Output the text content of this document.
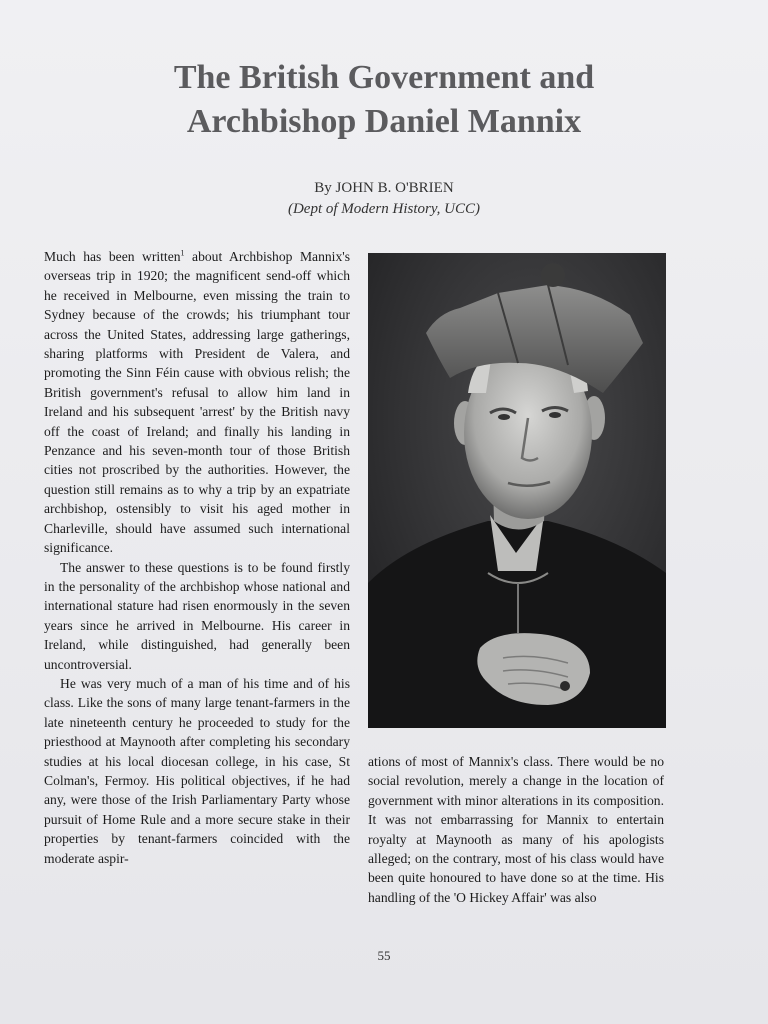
The British Government and
Archbishop Daniel Mannix
By JOHN B. O'BRIEN
(Dept of Modern History, UCC)

Much has been written$^1$ about Archbishop Mannix's overseas trip in 1920; the magnificent send-off which he received in Melbourne, even missing the train to Sydney because of the crowds; his triumphant tour across the United States, addressing large gatherings, sharing platforms with President de Valera, and promoting the Sinn Féin cause with obvious relish; the British government's refusal to allow him land in Ireland and his subsequent 'arrest' by the British navy off the coast of Ireland; and finally his landing in Penzance and his seven-month tour of those British cities not proscribed by the authorities. However, the question still remains as to why a trip by an expatriate archbishop, ostensibly to visit his aged mother in Charleville, should have assumed such international significance.

The answer to these questions is to be found firstly in the personality of the archbishop whose national and international stature had risen enormously in the seven years since he arrived in Melbourne. His career in Ireland, while distinguished, had generally been uncontroversial.

He was very much of a man of his time and of his class. Like the sons of many large tenant-farmers in the late nineteenth century he proceeded to study for the priesthood at Maynooth after completing his secondary studies at his local diocesan college, in his case, St Colman's, Fermoy. His political objectives, if he had any, were those of the Irish Parliamentary Party whose pursuit of Home Rule and a more secure stake in their properties by tenant-farmers coincided with the moderate aspir-

ations of most of Mannix's class. There would be no social revolution, merely a change in the location of government with minor alterations in its composition. It was not embarrassing for Mannix to entertain royalty at Maynooth as many of his apologists alleged; on the contrary, most of his class would have been quite honoured to have done so at the time. His handling of the 'O Hickey Affair' was also

55
